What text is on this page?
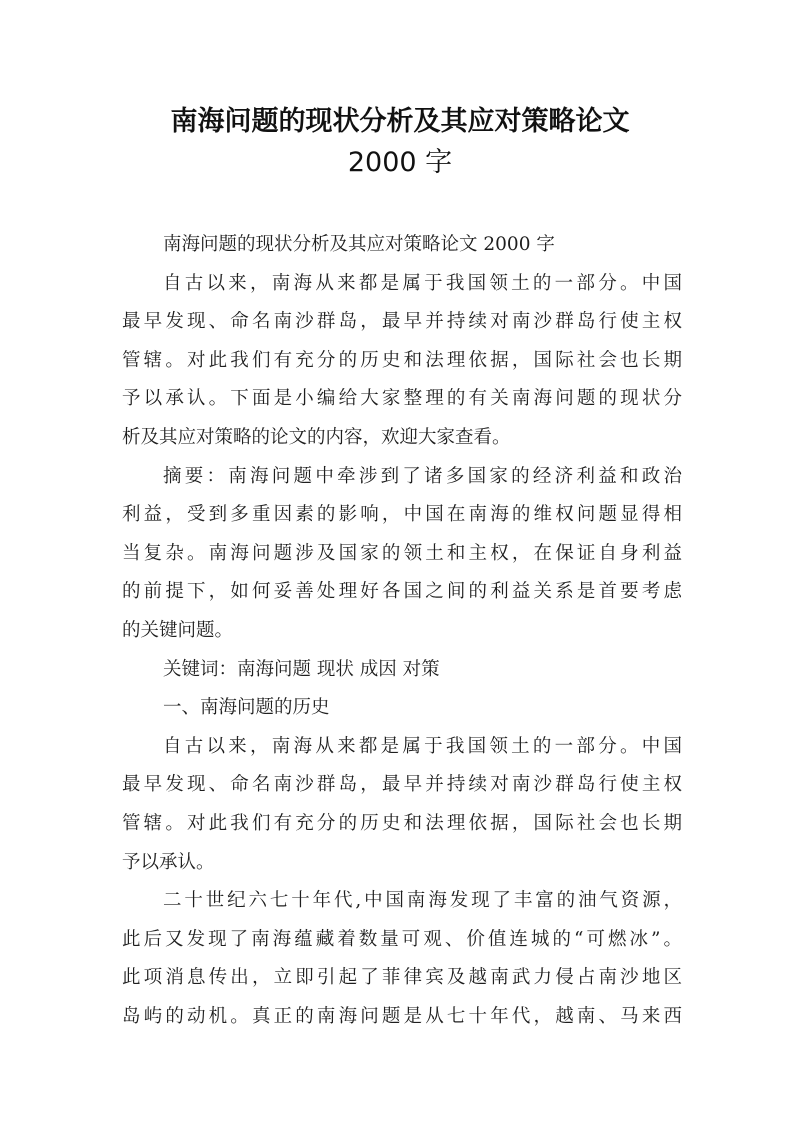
南海问题的现状分析及其应对策略论文
2000 字
南海问题的现状分析及其应对策略论文 2000 字
自古以来，南海从来都是属于我国领土的一部分。中国
最早发现、命名南沙群岛，最早并持续对南沙群岛行使主权
管辖。对此我们有充分的历史和法理依据，国际社会也长期
予以承认。下面是小编给大家整理的有关南海问题的现状分
析及其应对策略的论文的内容，欢迎大家查看。
摘要：南海问题中牵涉到了诸多国家的经济利益和政治
利益，受到多重因素的影响，中国在南海的维权问题显得相
当复杂。南海问题涉及国家的领土和主权，在保证自身利益
的前提下，如何妥善处理好各国之间的利益关系是首要考虑
的关键问题。
关键词：南海问题 现状 成因 对策
一、南海问题的历史
自古以来，南海从来都是属于我国领土的一部分。中国
最早发现、命名南沙群岛，最早并持续对南沙群岛行使主权
管辖。对此我们有充分的历史和法理依据，国际社会也长期
予以承认。
二十世纪六七十年代,中国南海发现了丰富的油气资源，
此后又发现了南海蕴藏着数量可观、价值连城的“可燃冰”。
此项消息传出，立即引起了菲律宾及越南武力侵占南沙地区
岛屿的动机。真正的南海问题是从七十年代，越南、马来西
